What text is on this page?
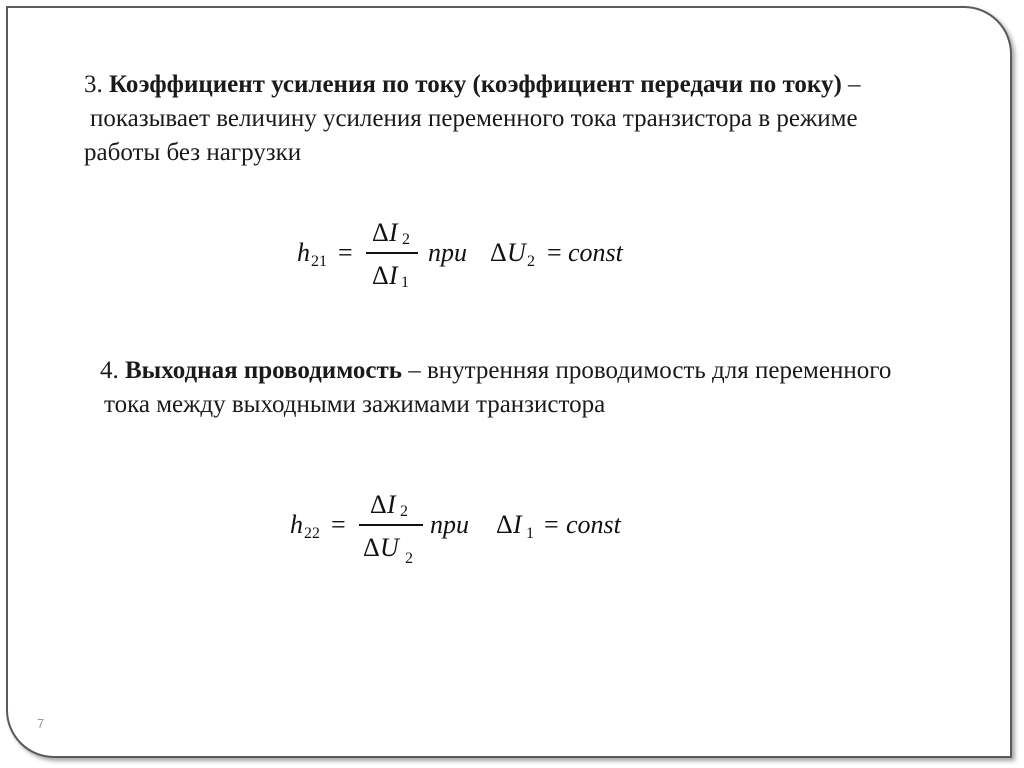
3. Коэффициент усиления по току (коэффициент передачи по току) –
показывает величину усиления переменного тока транзистора в режиме
работы без нагрузки
h 21 =
Δ I 2
Δ I 1
при Δ U 2 = const
4. Выходная проводимость – внутренняя проводимость для переменного
тока между выходными зажимами транзистора
h 22 =
Δ I 2
Δ U 2
при Δ I 1 = const
7
